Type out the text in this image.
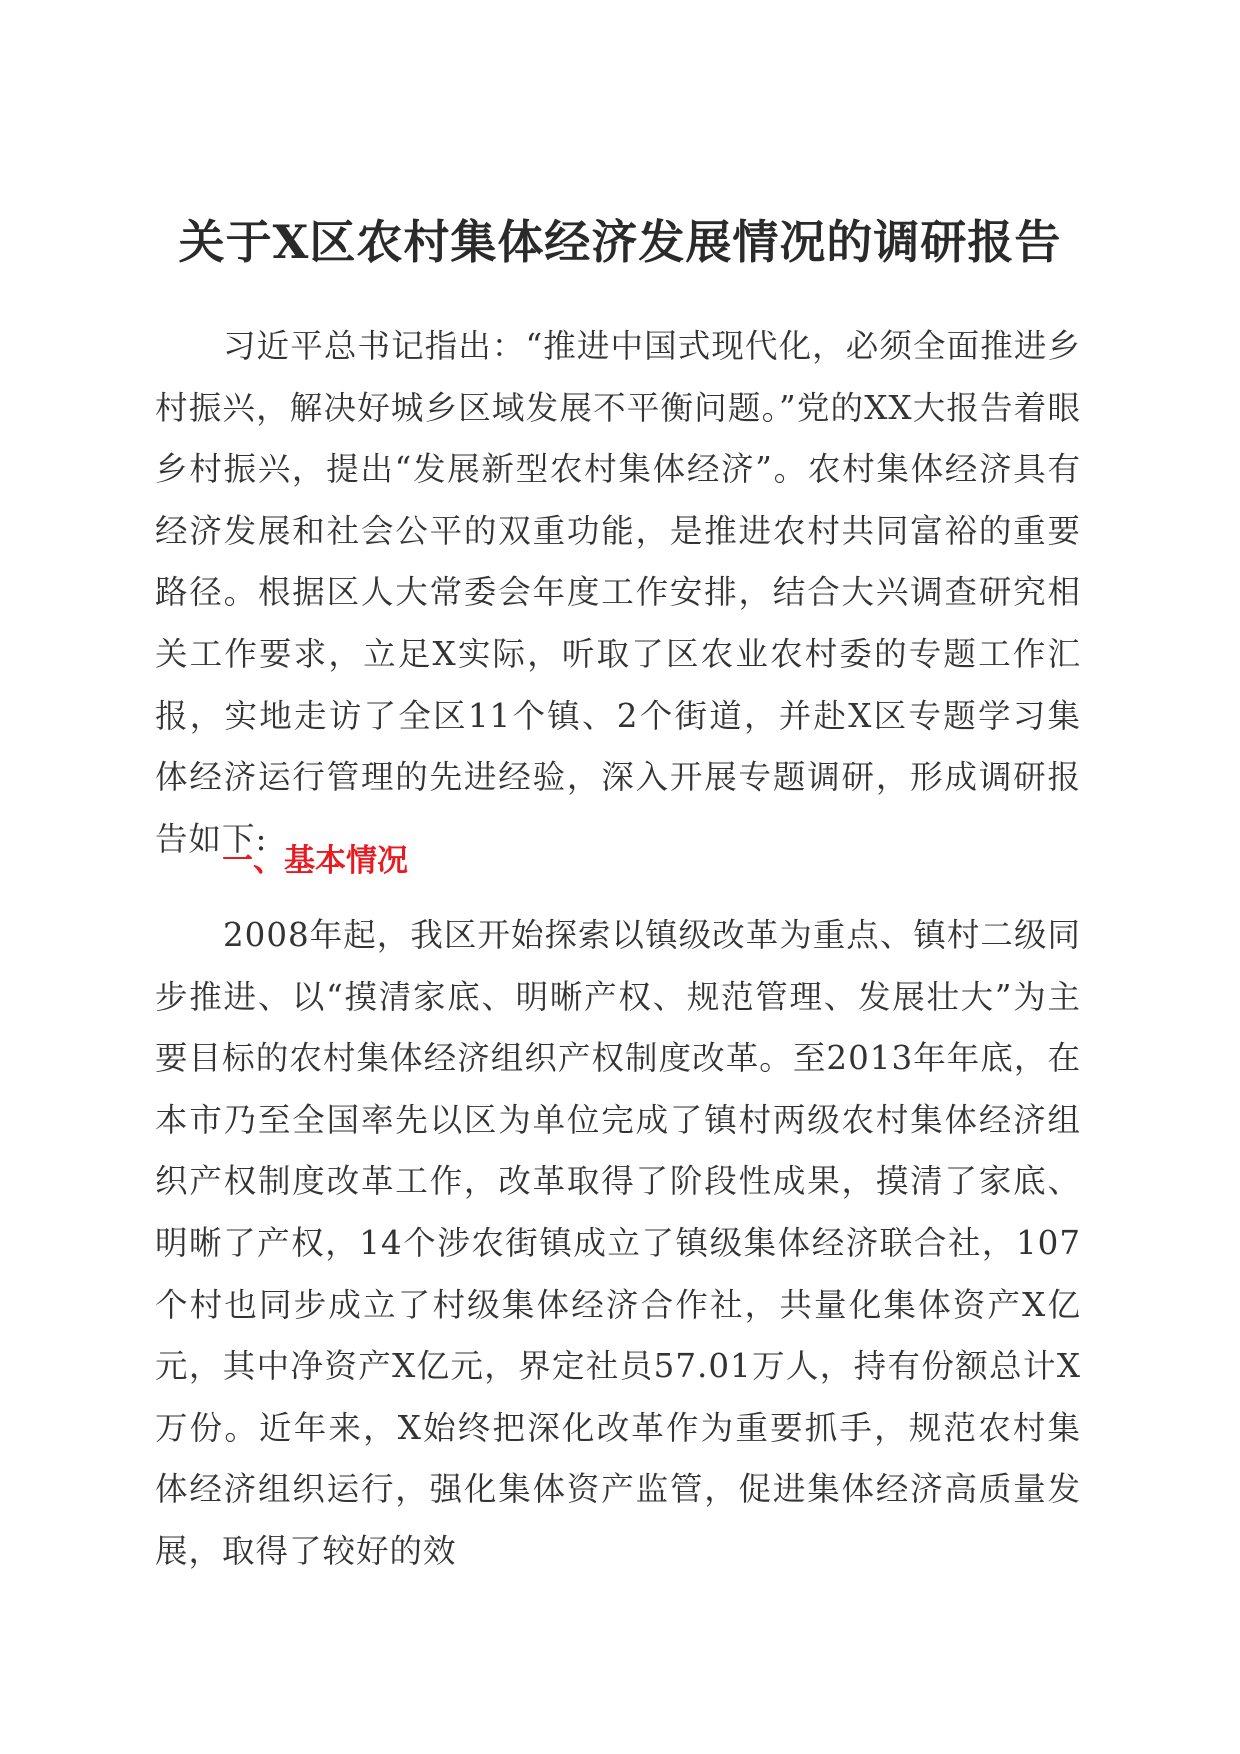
关于X区农村集体经济发展情况的调研报告

习近平总书记指出：“推进中国式现代化，必须全面推进乡村振兴，解决好城乡区域发展不平衡问题。”党的XX大报告着眼乡村振兴，提出“发展新型农村集体经济”。农村集体经济具有经济发展和社会公平的双重功能，是推进农村共同富裕的重要路径。根据区人大常委会年度工作安排，结合大兴调查研究相关工作要求，立足X实际，听取了区农业农村委的专题工作汇报，实地走访了全区11个镇、2个街道，并赴X区专题学习集体经济运行管理的先进经验，深入开展专题调研，形成调研报告如下:

一、基本情况

2008年起，我区开始探索以镇级改革为重点、镇村二级同步推进、以“摸清家底、明晰产权、规范管理、发展壮大”为主要目标的农村集体经济组织产权制度改革。至2013年年底，在本市乃至全国率先以区为单位完成了镇村两级农村集体经济组织产权制度改革工作，改革取得了阶段性成果，摸清了家底、明晰了产权，14个涉农街镇成立了镇级集体经济联合社，107个村也同步成立了村级集体经济合作社，共量化集体资产X亿元，其中净资产X亿元，界定社员57.01万人，持有份额总计X万份。近年来，X始终把深化改革作为重要抓手，规范农村集体经济组织运行，强化集体资产监管，促进集体经济高质量发展，取得了较好的效
